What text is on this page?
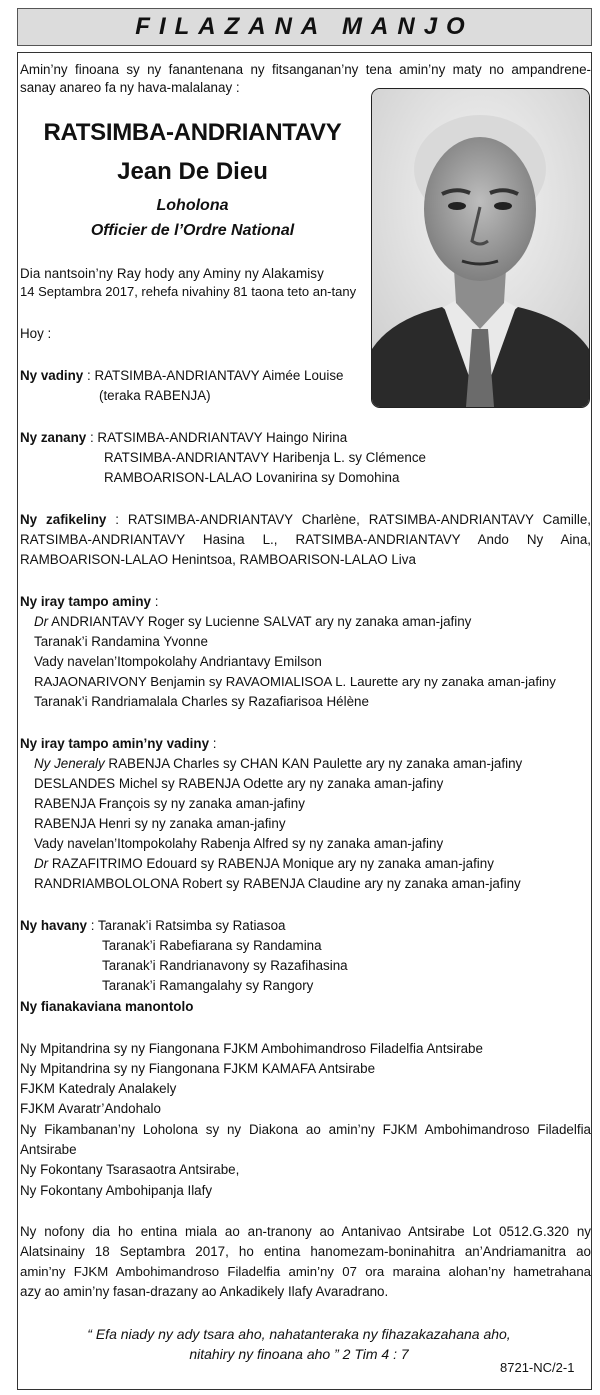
FILAZANA MANJO
Amin’ny finoana sy ny fanantenana ny fitsanganan’ny tena amin’ny maty no ampandrene-
sanay anareo fa ny hava-malalanay :
RATSIMBA-ANDRIANTAVY
Jean De Dieu
Loholona
Officier de l’Ordre National
Dia nantsoin’ny Ray hody any Aminy ny Alakamisy
14 Septambra 2017, rehefa nivahiny 81 taona teto an-tany
Hoy :
Ny vadiny : RATSIMBA-ANDRIANTAVY Aimée Louise
(teraka RABENJA)
Ny zanany : RATSIMBA-ANDRIANTAVY Haingo Nirina
RATSIMBA-ANDRIANTAVY Haribenja L. sy Clémence
RAMBOARISON-LALAO Lovanirina sy Domohina
Ny zafikeliny : RATSIMBA-ANDRIANTAVY Charlène, RATSIMBA-ANDRIANTAVY Camille,
RATSIMBA-ANDRIANTAVY Hasina L., RATSIMBA-ANDRIANTAVY Ando Ny Aina,
RAMBOARISON-LALAO Henintsoa, RAMBOARISON-LALAO Liva
Ny iray tampo aminy :
Dr ANDRIANTAVY Roger sy Lucienne SALVAT ary ny zanaka aman-jafiny
Taranak’i Randamina Yvonne
Vady navelan’Itompokolahy Andriantavy Emilson
RAJAONARIVONY Benjamin sy RAVAOMIALISOA L. Laurette ary ny zanaka aman-jafiny
Taranak’i Randriamalala Charles sy Razafiarisoa Hélène
Ny iray tampo amin’ny vadiny :
Ny Jeneraly RABENJA Charles sy CHAN KAN Paulette ary ny zanaka aman-jafiny
DESLANDES Michel sy RABENJA Odette ary ny zanaka aman-jafiny
RABENJA François sy ny zanaka aman-jafiny
RABENJA Henri sy ny zanaka aman-jafiny
Vady navelan’Itompokolahy Rabenja Alfred sy ny zanaka aman-jafiny
Dr RAZAFITRIMO Edouard sy RABENJA Monique ary ny zanaka aman-jafiny
RANDRIAMBOLOLONA Robert sy RABENJA Claudine ary ny zanaka aman-jafiny
Ny havany : Taranak’i Ratsimba sy Ratiasoa
Taranak’i Rabefiarana sy Randamina
Taranak’i Randrianavony sy Razafihasina
Taranak’i Ramangalahy sy Rangory
Ny fianakaviana manontolo
Ny Mpitandrina sy ny Fiangonana FJKM Ambohimandroso Filadelfia Antsirabe
Ny Mpitandrina sy ny Fiangonana FJKM KAMAFA Antsirabe
FJKM Katedraly Analakely
FJKM Avaratr’Andohalo
Ny Fikambanan’ny Loholona sy ny Diakona ao amin’ny FJKM Ambohimandroso Filadelfia
Antsirabe
Ny Fokontany Tsarasaotra Antsirabe,
Ny Fokontany Ambohipanja Ilafy
Ny nofony dia ho entina miala ao an-tranony ao Antanivao Antsirabe Lot 0512.G.320 ny
Alatsinainy 18 Septambra 2017, ho entina hanomezam-boninahitra an’Andriamanitra ao
amin’ny FJKM Ambohimandroso Filadelfia amin’ny 07 ora maraina alohan’ny hametrahana
azy ao amin’ny fasan-drazany ao Ankadikely Ilafy Avaradrano.
“ Efa niady ny ady tsara aho, nahatanteraka ny fihazakazahana aho,
nitahiry ny finoana aho ” 2 Tim 4 : 7
8721-NC/2-1
